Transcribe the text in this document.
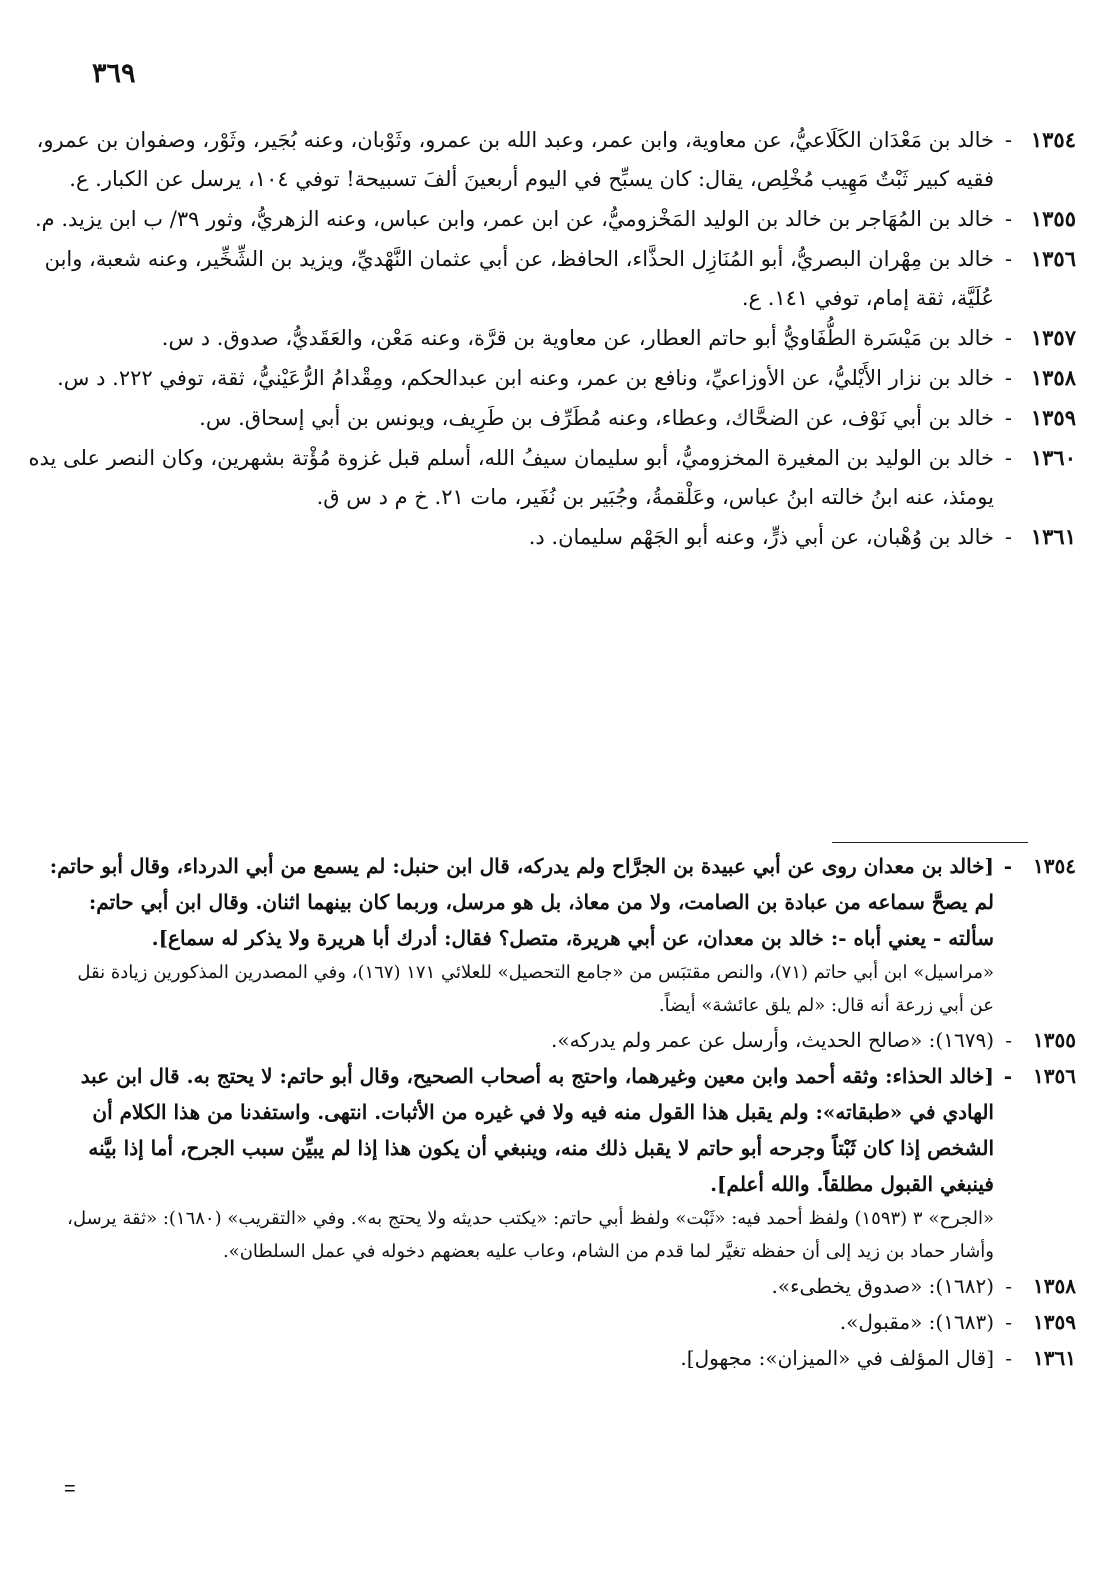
٣٦٩

١٣٥٤-خالد بن مَعْدَان الكَلَاعيُّ، عن معاوية، وابن عمر، وعبد الله بن عمرو، وثَوْبان، وعنه بُجَير، وثَوْر، وصفوان بن عمرو، فقيه كبير ثَبْتٌ مَهِيب مُخْلِص، يقال: كان يسبِّح في اليوم أربعينَ ألفَ تسبيحة! توفي ١٠٤، يرسل عن الكبار. ع.

١٣٥٥-خالد بن المُهَاجر بن خالد بن الوليد المَخْزوميُّ، عن ابن عمر، وابن عباس، وعنه الزهريُّ، وثور ٣٩/ ب ابن يزيد. م.

١٣٥٦-خالد بن مِهْران البصريُّ، أبو المُنَازِل الحذَّاء، الحافظ، عن أبي عثمان النَّهْديِّ، ويزيد بن الشِّخِّير، وعنه شعبة، وابن عُلَيَّة، ثقة إمام، توفي ١٤١. ع.

١٣٥٧-خالد بن مَيْسَرة الطُّفَاويُّ أبو حاتم العطار، عن معاوية بن قرَّة، وعنه مَعْن، والعَقَديُّ، صدوق. د س.

١٣٥٨-خالد بن نزار الأَيْليُّ، عن الأوزاعيِّ، ونافع بن عمر، وعنه ابن عبدالحكم، ومِقْدامُ الرُّعَيْنيُّ، ثقة، توفي ٢٢٢. د س.

١٣٥٩-خالد بن أبي نَوْف، عن الضحَّاك، وعطاء، وعنه مُطَرِّف بن طَرِيف، ويونس بن أبي إسحاق. س.

١٣٦٠-خالد بن الوليد بن المغيرة المخزوميُّ، أبو سليمان سيفُ الله، أسلم قبل غزوة مُؤْتة بشهرين، وكان النصر على يده يومئذ، عنه ابنُ خالته ابنُ عباس، وعَلْقمةُ، وجُبَير بن نُفَير، مات ٢١. خ م د س ق.

١٣٦١-خالد بن وُهْبان، عن أبي ذرٍّ، وعنه أبو الجَهْم سليمان. د.

١٣٥٤-[خالد بن معدان روى عن أبي عبيدة بن الجرَّاح ولم يدركه، قال ابن حنبل: لم يسمع من أبي الدرداء، وقال أبو حاتم: لم يصحَّ سماعه من عبادة بن الصامت، ولا من معاذ، بل هو مرسل، وربما كان بينهما اثنان. وقال ابن أبي حاتم: سألته - يعني أباه -: خالد بن معدان، عن أبي هريرة، متصل؟ فقال: أدرك أبا هريرة ولا يذكر له سماع].

«مراسيل» ابن أبي حاتم (٧١)، والنص مقتبَس من «جامع التحصيل» للعلائي ١٧١ (١٦٧)، وفي المصدرين المذكورين زيادة نقل عن أبي زرعة أنه قال: «لم يلق عائشة» أيضاً.

١٣٥٥-(١٦٧٩): «صالح الحديث، وأرسل عن عمر ولم يدركه».

١٣٥٦-[خالد الحذاء: وثقه أحمد وابن معين وغيرهما، واحتج به أصحاب الصحيح، وقال أبو حاتم: لا يحتج به. قال ابن عبد الهادي في «طبقاته»: ولم يقبل هذا القول منه فيه ولا في غيره من الأثبات. انتهى. واستفدنا من هذا الكلام أن الشخص إذا كان ثَبْتاً وجرحه أبو حاتم لا يقبل ذلك منه، وينبغي أن يكون هذا إذا لم يبيِّن سبب الجرح، أما إذا بيَّنه فينبغي القبول مطلقاً. والله أعلم].

«الجرح» ٣ (١٥٩٣) ولفظ أحمد فيه: «ثَبْت» ولفظ أبي حاتم: «يكتب حديثه ولا يحتج به». وفي «التقريب» (١٦٨٠): «ثقة يرسل، وأشار حماد بن زيد إلى أن حفظه تغيَّر لما قدم من الشام، وعاب عليه بعضهم دخوله في عمل السلطان».

١٣٥٨-(١٦٨٢): «صدوق يخطىء».

١٣٥٩-(١٦٨٣): «مقبول».

١٣٦١-[قال المؤلف في «الميزان»: مجهول].

=
